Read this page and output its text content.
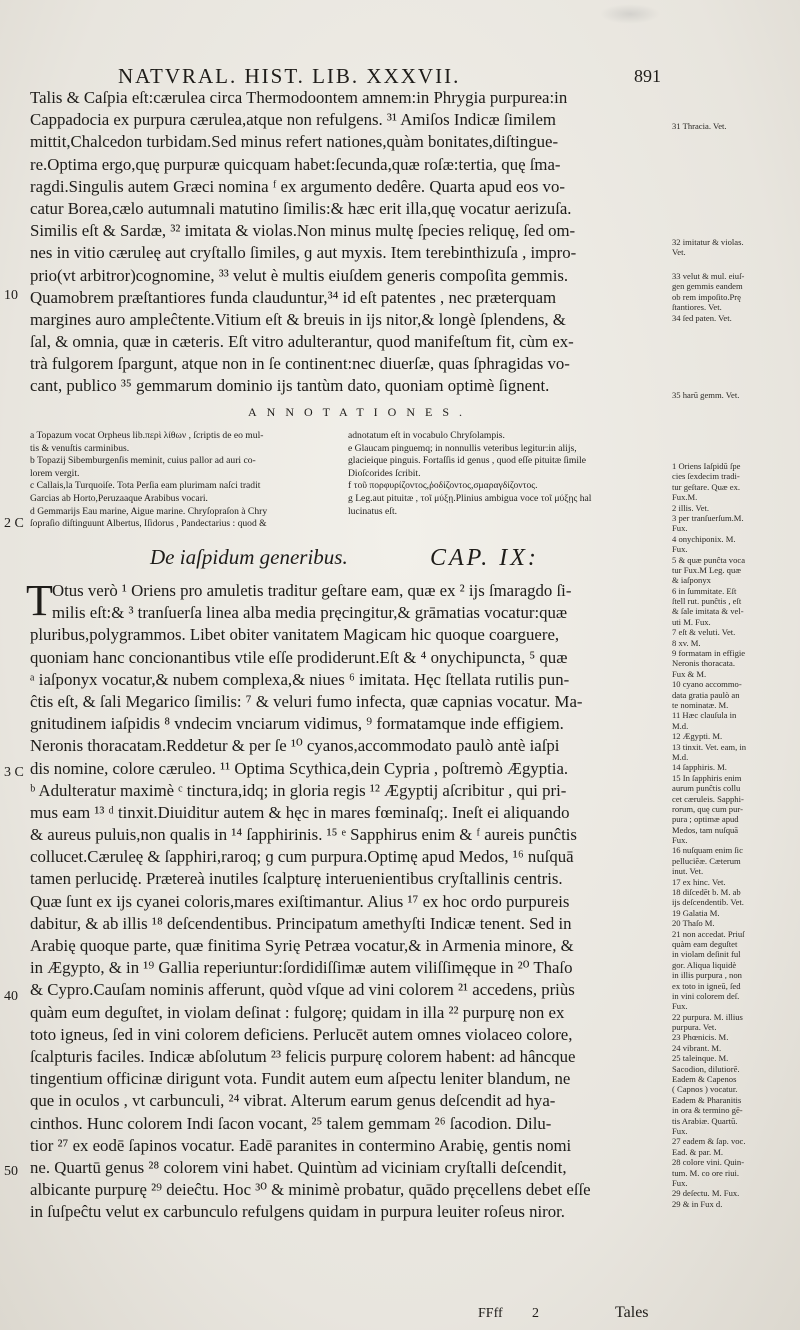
NATVRAL. HIST. LIB. XXXVII.	891
Talis & Caſpia eſt:cærulea circa Thermodoontem amnem:in Phrygia purpurea:in
Cappadocia ex purpura cærulea,atque non refulgens. ³¹ Amiſos Indicæ ſimilem
mittit,Chalcedon turbidam.Sed minus refert nationes,quàm bonitates,diſtingue-
re.Optima ergo,quę purpuræ quicquam habet:ſecunda,quæ roſæ:tertia, quę ſma-
ragdi.Singulis autem Græci nomina ᶠ ex argumento dedêre. Quarta apud eos vo-
catur Borea,cælo autumnali matutino ſimilis:& hæc erit illa,quę vocatur aerizuſa.
Similis eſt & Sardæ, ³² imitata & violas.Non minus multę ſpecies reliquę, ſed om-
nes in vitio cæruleę aut cryſtallo ſimiles, ɡ aut myxis. Item terebinthizuſa , impro-
prio(vt arbitror)cognomine, ³³ velut è multis eiuſdem generis compoſita gemmis.
Quamobrem præſtantiores funda clauduntur,³⁴ id eſt patentes , nec præterquam
margines auro ampleĉtente.Vitium eſt & breuis in ijs nitor,& longè ſplendens, &
ſal, & omnia, quæ in cæteris. Eſt vitro adulterantur, quod manifeſtum fit, cùm ex-
trà fulgorem ſpargunt, atque non in ſe continent:nec diuerſæ, quas ſphragidas vo-
cant, publico ³⁵ gemmarum dominio ijs tantùm dato, quoniam optimè ſignent.
10
ANNOTATIONES.
a Topazum vocat Orpheus lib.περὶ λίθων , ſcriptis de eo mul-
tis & venuſtis carminibus.
b Topazij Sibemburgenſis meminit, cuius pallor ad auri co-
lorem vergit.
c Callais,la Turquoiſe. Tota Perſia eam plurimam naſci tradit
Garcias ab Horto,Peruzaaque Arabibus vocari.
d Gemmarijs Eau marine, Aigue marine. Chryſopraſon à Chry
ſopraſio diſtinguunt Albertus, Iſidorus , Pandectarius : quod &
adnotatum eſt in vocabulo Chryſolampis.
e Glaucam pinguemq; in nonnullis veteribus legitur:in alijs,
glacieique pinguis. Fortaſſis id genus , quod eſſe pituitæ ſimile
Dioſcorides ſcribit.
f τοῦ πορφυρίζοντος,ῥοδίζοντος,σμαραγδίζοντος.
g Leg.aut pituitæ , τοῖ μύξῃ.Plinius ambigua voce τοῖ μύξῃς hal
lucinatus eſt.
2 C
De iaſpidum generibus.	CAP. IX:
T Otus verò ¹ Oriens pro amuletis traditur geſtare eam, quæ ex ² ijs ſmaragdo ſi-
milis eſt:& ³ tranſuerſa linea alba media pręcingitur,& grāmatias vocatur:quæ
pluribus,polygrammos. Libet obiter vanitatem Magicam hic quoque coarguere,
quoniam hanc concionantibus vtile eſſe prodiderunt.Eſt & ⁴ onychipuncta, ⁵ quæ
ᵃ iaſponyx vocatur,& nubem complexa,& niues ⁶ imitata. Hęc ſtellata rutilis pun-
ĉtis eſt, & ſali Megarico ſimilis: ⁷ & veluri fumo infecta, quæ capnias vocatur. Ma-
gnitudinem iaſpidis ⁸ vndecim vnciarum vidimus, ⁹ formatamque inde effigiem.
Neronis thoracatam.Reddetur & per ſe ¹⁰ cyanos,accommodato paulò antè iaſpi
dis nomine, colore cæruleo. ¹¹ Optima Scythica,dein Cypria , poſtremò Ægyptia.
ᵇ Adulteratur maximè ᶜ tinctura,idq; in gloria regis ¹² Ægyptij aſcribitur , qui pri-
mus eam ¹³ ᵈ tinxit.Diuiditur autem & hęc in mares fœminaſq;. Ineſt ei aliquando
& aureus puluis,non qualis in ¹⁴ ſapphirinis. ¹⁵ ᵉ Sapphirus enim & ᶠ aureis punĉtis
collucet.Cæruleę & ſapphiri,raroq; ɡ cum purpura.Optimę apud Medos, ¹⁶ nuſquā
tamen perlucidę. Prætereà inutiles ſcalpturę interuenientibus cryſtallinis centris.
Quæ ſunt ex ijs cyanei coloris,mares exiſtimantur. Alius ¹⁷ ex hoc ordo purpureis
dabitur, & ab illis ¹⁸ deſcendentibus. Principatum amethyſti Indicæ tenent. Sed in
Arabię quoque parte, quæ finitima Syrię Petræa vocatur,& in Armenia minore, &
in Ægypto, & in ¹⁹ Gallia reperiuntur:ſordidiſſimæ autem viliſſimęque in ²⁰ Thaſo
& Cypro.Cauſam nominis afferunt, quòd vſque ad vini colorem ²¹ accedens, priùs
quàm eum deguſtet, in violam deſinat : fulgorę; quidam in illa ²² purpurę non ex
toto igneus, ſed in vini colorem deficiens. Perlucēt autem omnes violaceo colore,
ſcalpturis faciles. Indicæ abſolutum ²³ felicis purpurę colorem habent: ad hâncque
tingentium officinæ dirigunt vota. Fundit autem eum aſpectu leniter blandum, ne
que in oculos , vt carbunculi, ²⁴ vibrat. Alterum earum genus deſcendit ad hya-
cinthos. Hunc colorem Indi ſacon vocant, ²⁵ talem gemmam ²⁶ ſacodion. Dilu-
tior ²⁷ ex eodē ſapinos vocatur. Eadē paranites in contermino Arabię, gentis nomi
ne. Quartū genus ²⁸ colorem vini habet. Quintùm ad viciniam cryſtalli deſcendit,
albicante purpurę ²⁹ deieĉtu. Hoc ³⁰ & minimè probatur, quādo pręcellens debet eſſe
in ſuſpeĉtu velut ex carbunculo refulgens quidam in purpura leuiter roſeus niror.
3 C
40
50
31 Thracia. Vet.
32 imitatur & violas.
Vet.
33 velut & mul. eiuſ-
gen gemmis eandem
ob rem impoſito.Prę
ſtantiores. Vet.
34 ſed paten. Vet.
35 harū gemm. Vet.
1 Oriens Iaſpidū ſpe
cies ſexdecim tradi-
tur geſtare. Quæ ex.
Fux.M.
2 illis. Vet.
3 per tranſuerſum.M.
Fux.
4 onychiponix. M.
Fux.
5 & quæ punĉta voca
tur Fux.M Leg. quæ
& iaſponyx
6 in ſummitate. Eſt
ſtell rut. punĉtis , eſt
& ſale imitata & vel-
uti M. Fux.
7 eſt & veluti. Vet.
8 xv. M.
9 formatam in effigie
Neronis thoracata.
Fux & M.
10 cyano accommo-
data gratia paulò an
te nominatæ. M.
11 Hæc clauſula in
M.d.
12 Ægypti. M.
13 tinxit. Vet. eam, in
M.d.
14 ſapphiris. M.
15 In ſapphiris enim
aurum punĉtis collu
cet cæruleis. Sapphi-
rorum, quę cum pur-
pura ; optimæ apud
Medos, tam nuſquā
Fux.
16 nuſquam enim ſic
pelluciẽæ. Cæterum
inut. Vet.
17 ex hinc. Vet.
18 diſcedēt b. M. ab
ijs deſcendentib. Vet.
19 Galatia M.
20 Thaſo M.
21 non accedat. Priuſ
quàm eam deguſtet
in violam deſinit ful
gor. Aliqua liquidè
in illis purpura , non
ex toto in igneū, ſed
in vini colorem deſ.
Fux.
22 purpura. M. illius
purpura. Vet.
23 Phœnicis. M.
24 vibrant. M.
25 taleinque. M.
Sacodion, dilutiorē.
Eadem & Capenos
( Capnos ) vocatur.
Eadem & Pharanitis
in ora & termino gē-
tis Arabiæ. Quartū.
Fux.
27 eadem & ſap. voc.
Ead. & par. M.
28 colore vini. Quin-
tum. M. co ore riui.
Fux.
29 deſectu. M. Fux.
29 & in Fux d.
FFff 2	Tales
